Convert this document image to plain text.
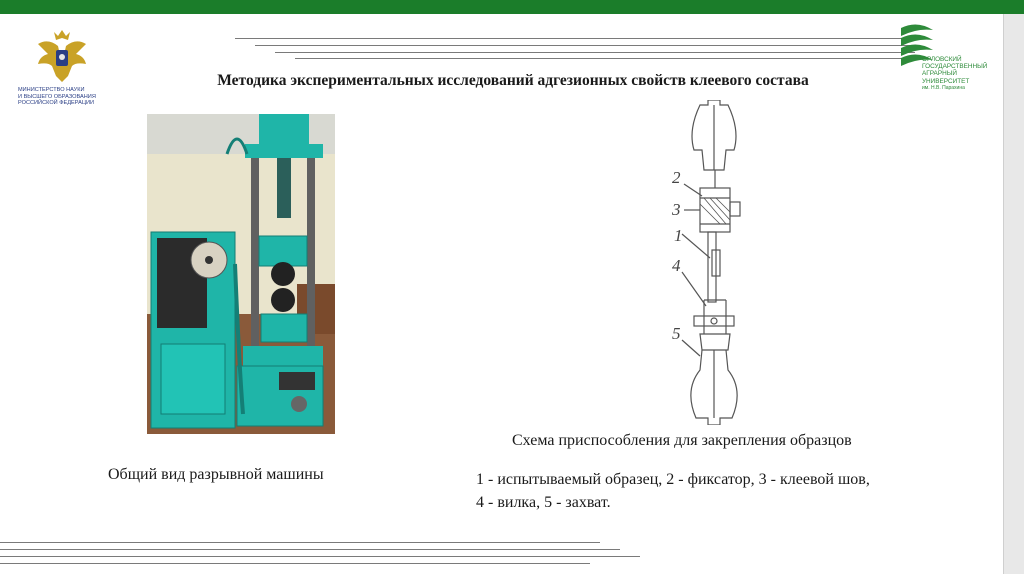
МИНИСТЕРСТВО НАУКИ
И ВЫСШЕГО ОБРАЗОВАНИЯ
РОССИЙСКОЙ ФЕДЕРАЦИИ
ОРЛОВСКИЙ
ГОСУДАРСТВЕННЫЙ
АГРАРНЫЙ
УНИВЕРСИТЕТ
им. Н.В. Парахина
Методика экспериментальных исследований адгезионных свойств клеевого состава
2
3
1
4
5
Схема приспособления для закрепления образцов
Общий вид разрывной машины	1 - испытываемый образец, 2 - фиксатор, 3 - клеевой шов,
4 - вилка, 5 - захват.
